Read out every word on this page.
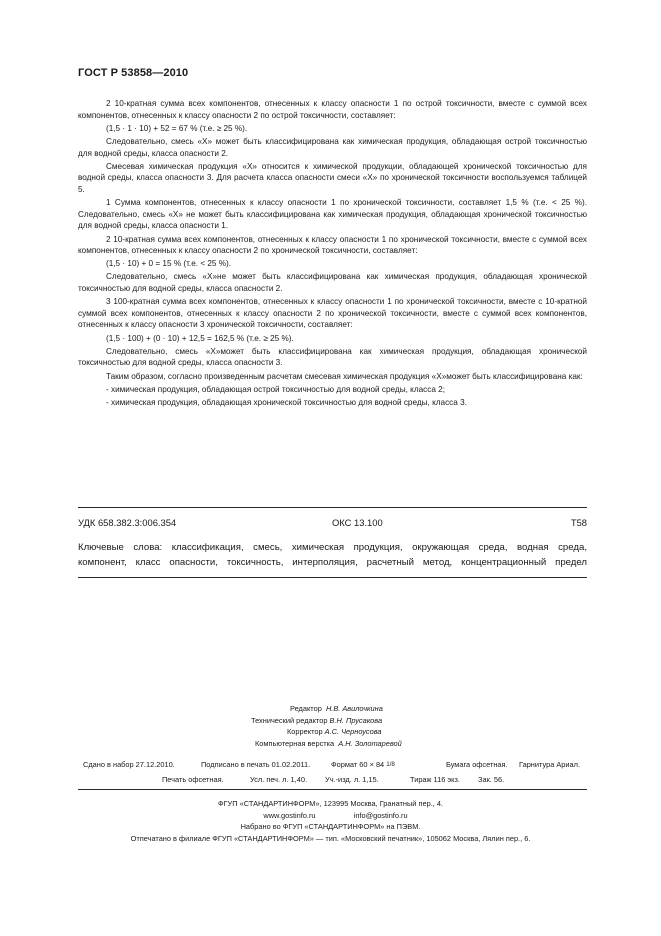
ГОСТ Р 53858—2010

2 10-кратная сумма всех компонентов, отнесенных к классу опасности 1 по острой токсичности, вместе с суммой всех компонентов, отнесенных к классу опасности 2 по острой токсичности, составляет:

(1,5 · 1 · 10) + 52 = 67 % (т.е. ≥ 25 %).

Следовательно, смесь «Х» может быть классифицирована как химическая продукция, обладающая острой токсичностью для водной среды, класса опасности 2.

Смесевая химическая продукция «Х» относится к химической продукции, обладающей хронической токсичностью для водной среды, класса опасности 3. Для расчета класса опасности смеси «Х» по хронической токсичности воспользуемся таблицей 5.

1 Сумма компонентов, отнесенных к классу опасности 1 по хронической токсичности, составляет 1,5 % (т.е. < 25 %). Следовательно, смесь «Х» не может быть классифицирована как химическая продукция, обладающая хронической токсичностью для водной среды, класса опасности 1.

2 10-кратная сумма всех компонентов, отнесенных к классу опасности 1 по хронической токсичности, вместе с суммой всех компонентов, отнесенных к классу опасности 2 по хронической токсичности, составляет:

(1,5 · 10) + 0 = 15 % (т.е. < 25 %).

Следовательно, смесь «Х»не может быть классифицирована как химическая продукция, обладающая хронической токсичностью для водной среды, класса опасности 2.

3 100-кратная сумма всех компонентов, отнесенных к классу опасности 1 по хронической токсичности, вместе с 10-кратной суммой всех компонентов, отнесенных к классу опасности 2 по хронической токсичности, вместе с суммой всех компонентов, отнесенных к классу опасности 3 хронической токсичности, составляет:

(1,5 · 100) + (0 · 10) + 12,5 = 162,5 % (т.е. ≥ 25 %).

Следовательно, смесь «Х»может быть классифицирована как химическая продукция, обладающая хронической токсичностью для водной среды, класса опасности 3.

Таким образом, согласно произведенным расчетам смесевая химическая продукция «Х»может быть классифицирована как:

- химическая продукция, обладающая острой токсичностью для водной среды, класса 2;

- химическая продукция, обладающая хронической токсичностью для водной среды, класса 3.

УДК 658.382.3:006.354	ОКС 13.100	Т58

Ключевые слова: классификация, смесь, химическая продукция, окружающая среда, водная среда,

компонент, класс опасности, токсичность, интерполяция, расчетный метод, концентрационный предел

Редактор Н.В. Авилочкина
Технический редактор В.Н. Прусакова
Корректор А.С. Черноусова
Компьютерная верстка А.Н. Золотаревой
Сдано в набор 27.12.2010.	Подписано в печать 01.02.2011.	Формат 60 × 84 1/8	Бумага офсетная. Гарнитура Ариал.
Печать офсетная.	Усл. печ. л. 1,40. Уч.-изд. л. 1,15.	Тираж 116 экз. Зак. 56.
ФГУП «СТАНДАРТИНФОРМ», 123995 Москва, Гранатный пер., 4.
www.gostinfo.ru	info@gostinfo.ru
Набрано во ФГУП «СТАНДАРТИНФОРМ» на ПЭВМ.
Отпечатано в филиале ФГУП «СТАНДАРТИНФОРМ» — тип. «Московский печатник», 105062 Москва, Лялин пер., 6.
